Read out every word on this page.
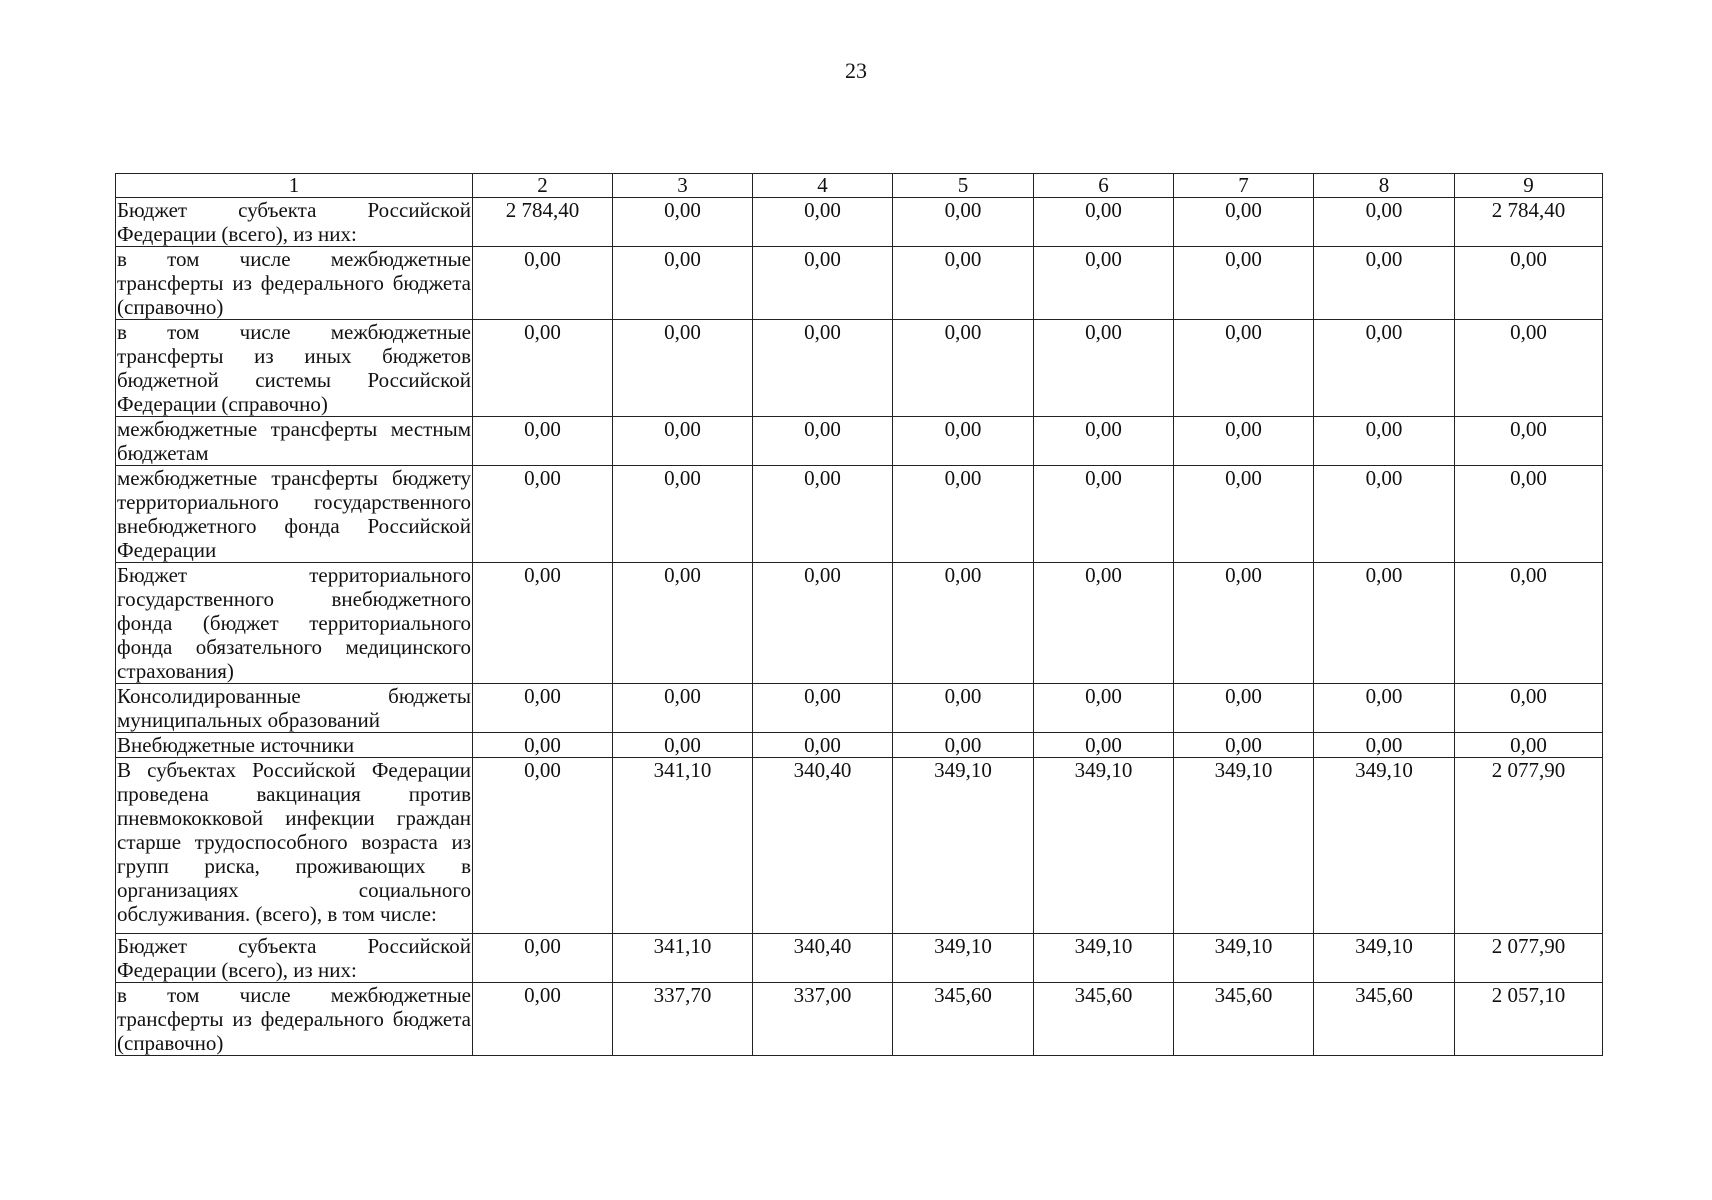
23
1	2	3	4	5	6	7	8	9
Бюджет субъекта Российской Федерации (всего), из них:	2 784,40	0,00	0,00	0,00	0,00	0,00	0,00	2 784,40
в том числе межбюджетные трансферты из федерального бюджета (справочно)	0,00	0,00	0,00	0,00	0,00	0,00	0,00	0,00
в том числе межбюджетные трансферты из иных бюджетов бюджетной системы Российской Федерации (справочно)	0,00	0,00	0,00	0,00	0,00	0,00	0,00	0,00
межбюджетные трансферты местным бюджетам	0,00	0,00	0,00	0,00	0,00	0,00	0,00	0,00
межбюджетные трансферты бюджету территориального государственного внебюджетного фонда Российской Федерации	0,00	0,00	0,00	0,00	0,00	0,00	0,00	0,00
Бюджет территориального государственного внебюджетного фонда (бюджет территориального фонда обязательного медицинского страхования)	0,00	0,00	0,00	0,00	0,00	0,00	0,00	0,00
Консолидированные бюджеты муниципальных образований	0,00	0,00	0,00	0,00	0,00	0,00	0,00	0,00
Внебюджетные источники	0,00	0,00	0,00	0,00	0,00	0,00	0,00	0,00
В субъектах Российской Федерации проведена вакцинация против пневмококковой инфекции граждан старше трудоспособного возраста из групп риска, проживающих в организациях социального обслуживания. (всего), в том числе:	0,00	341,10	340,40	349,10	349,10	349,10	349,10	2 077,90
Бюджет субъекта Российской Федерации (всего), из них:	0,00	341,10	340,40	349,10	349,10	349,10	349,10	2 077,90
в том числе межбюджетные трансферты из федерального бюджета (справочно)	0,00	337,70	337,00	345,60	345,60	345,60	345,60	2 057,10
